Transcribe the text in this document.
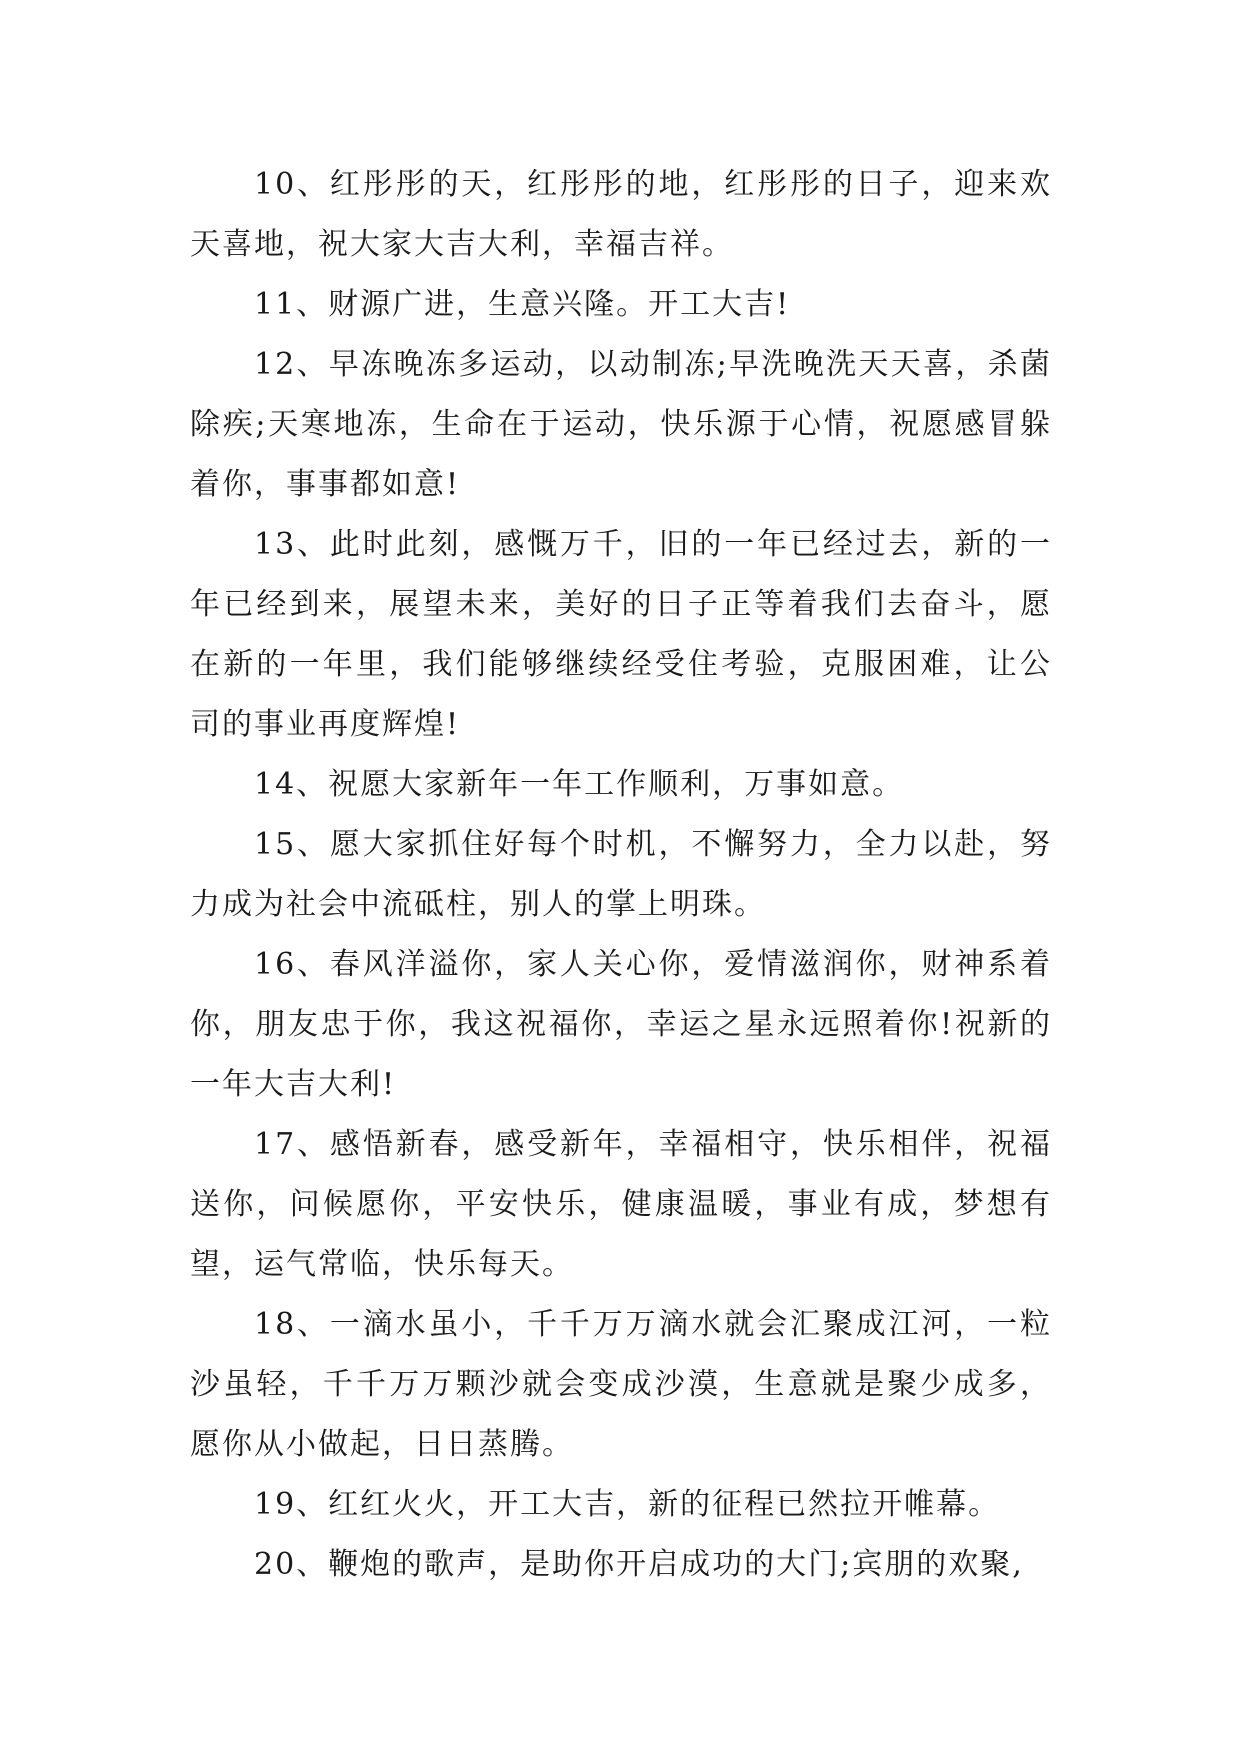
10、红彤彤的天，红彤彤的地，红彤彤的日子，迎来欢天喜地，祝大家大吉大利，幸福吉祥。

11、财源广进，生意兴隆。开工大吉!

12、早冻晚冻多运动，以动制冻;早洗晚洗天天喜，杀菌除疾;天寒地冻，生命在于运动，快乐源于心情，祝愿感冒躲着你，事事都如意!

13、此时此刻，感慨万千，旧的一年已经过去，新的一年已经到来，展望未来，美好的日子正等着我们去奋斗，愿在新的一年里，我们能够继续经受住考验，克服困难，让公司的事业再度辉煌!

14、祝愿大家新年一年工作顺利，万事如意。

15、愿大家抓住好每个时机，不懈努力，全力以赴，努力成为社会中流砥柱，别人的掌上明珠。

16、春风洋溢你，家人关心你，爱情滋润你，财神系着你，朋友忠于你，我这祝福你，幸运之星永远照着你!祝新的一年大吉大利!

17、感悟新春，感受新年，幸福相守，快乐相伴，祝福送你，问候愿你，平安快乐，健康温暖，事业有成，梦想有望，运气常临，快乐每天。

18、一滴水虽小，千千万万滴水就会汇聚成江河，一粒沙虽轻，千千万万颗沙就会变成沙漠，生意就是聚少成多，愿你从小做起，日日蒸腾。

19、红红火火，开工大吉，新的征程已然拉开帷幕。

20、鞭炮的歌声，是助你开启成功的大门;宾朋的欢聚,
